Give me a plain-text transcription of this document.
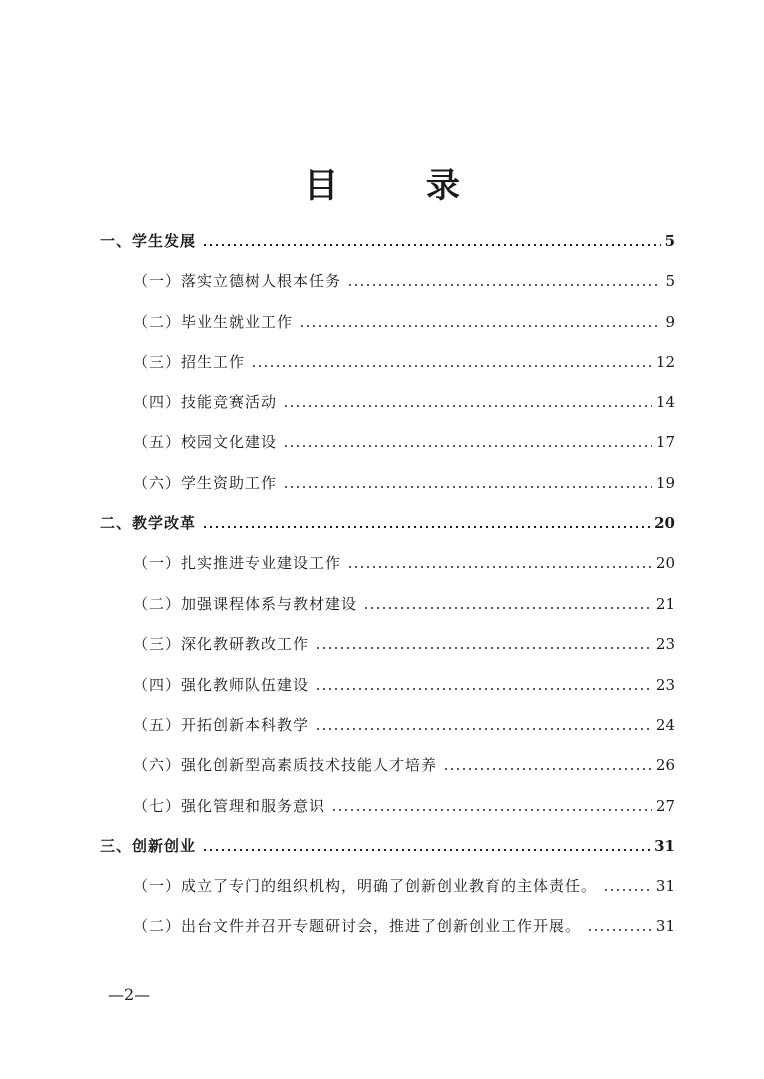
目 录
一、学生发展	5
（一）落实立德树人根本任务	5
（二）毕业生就业工作	9
（三）招生工作	12
（四）技能竞赛活动	14
（五）校园文化建设	17
（六）学生资助工作	19
二、教学改革	20
（一）扎实推进专业建设工作	20
（二）加强课程体系与教材建设	21
（三）深化教研教改工作	23
（四）强化教师队伍建设	23
（五）开拓创新本科教学	24
（六）强化创新型高素质技术技能人才培养	26
（七）强化管理和服务意识	27
三、创新创业	31
（一）成立了专门的组织机构，明确了创新创业教育的主体责任。	31
（二）出台文件并召开专题研讨会，推进了创新创业工作开展。	31
—2—
